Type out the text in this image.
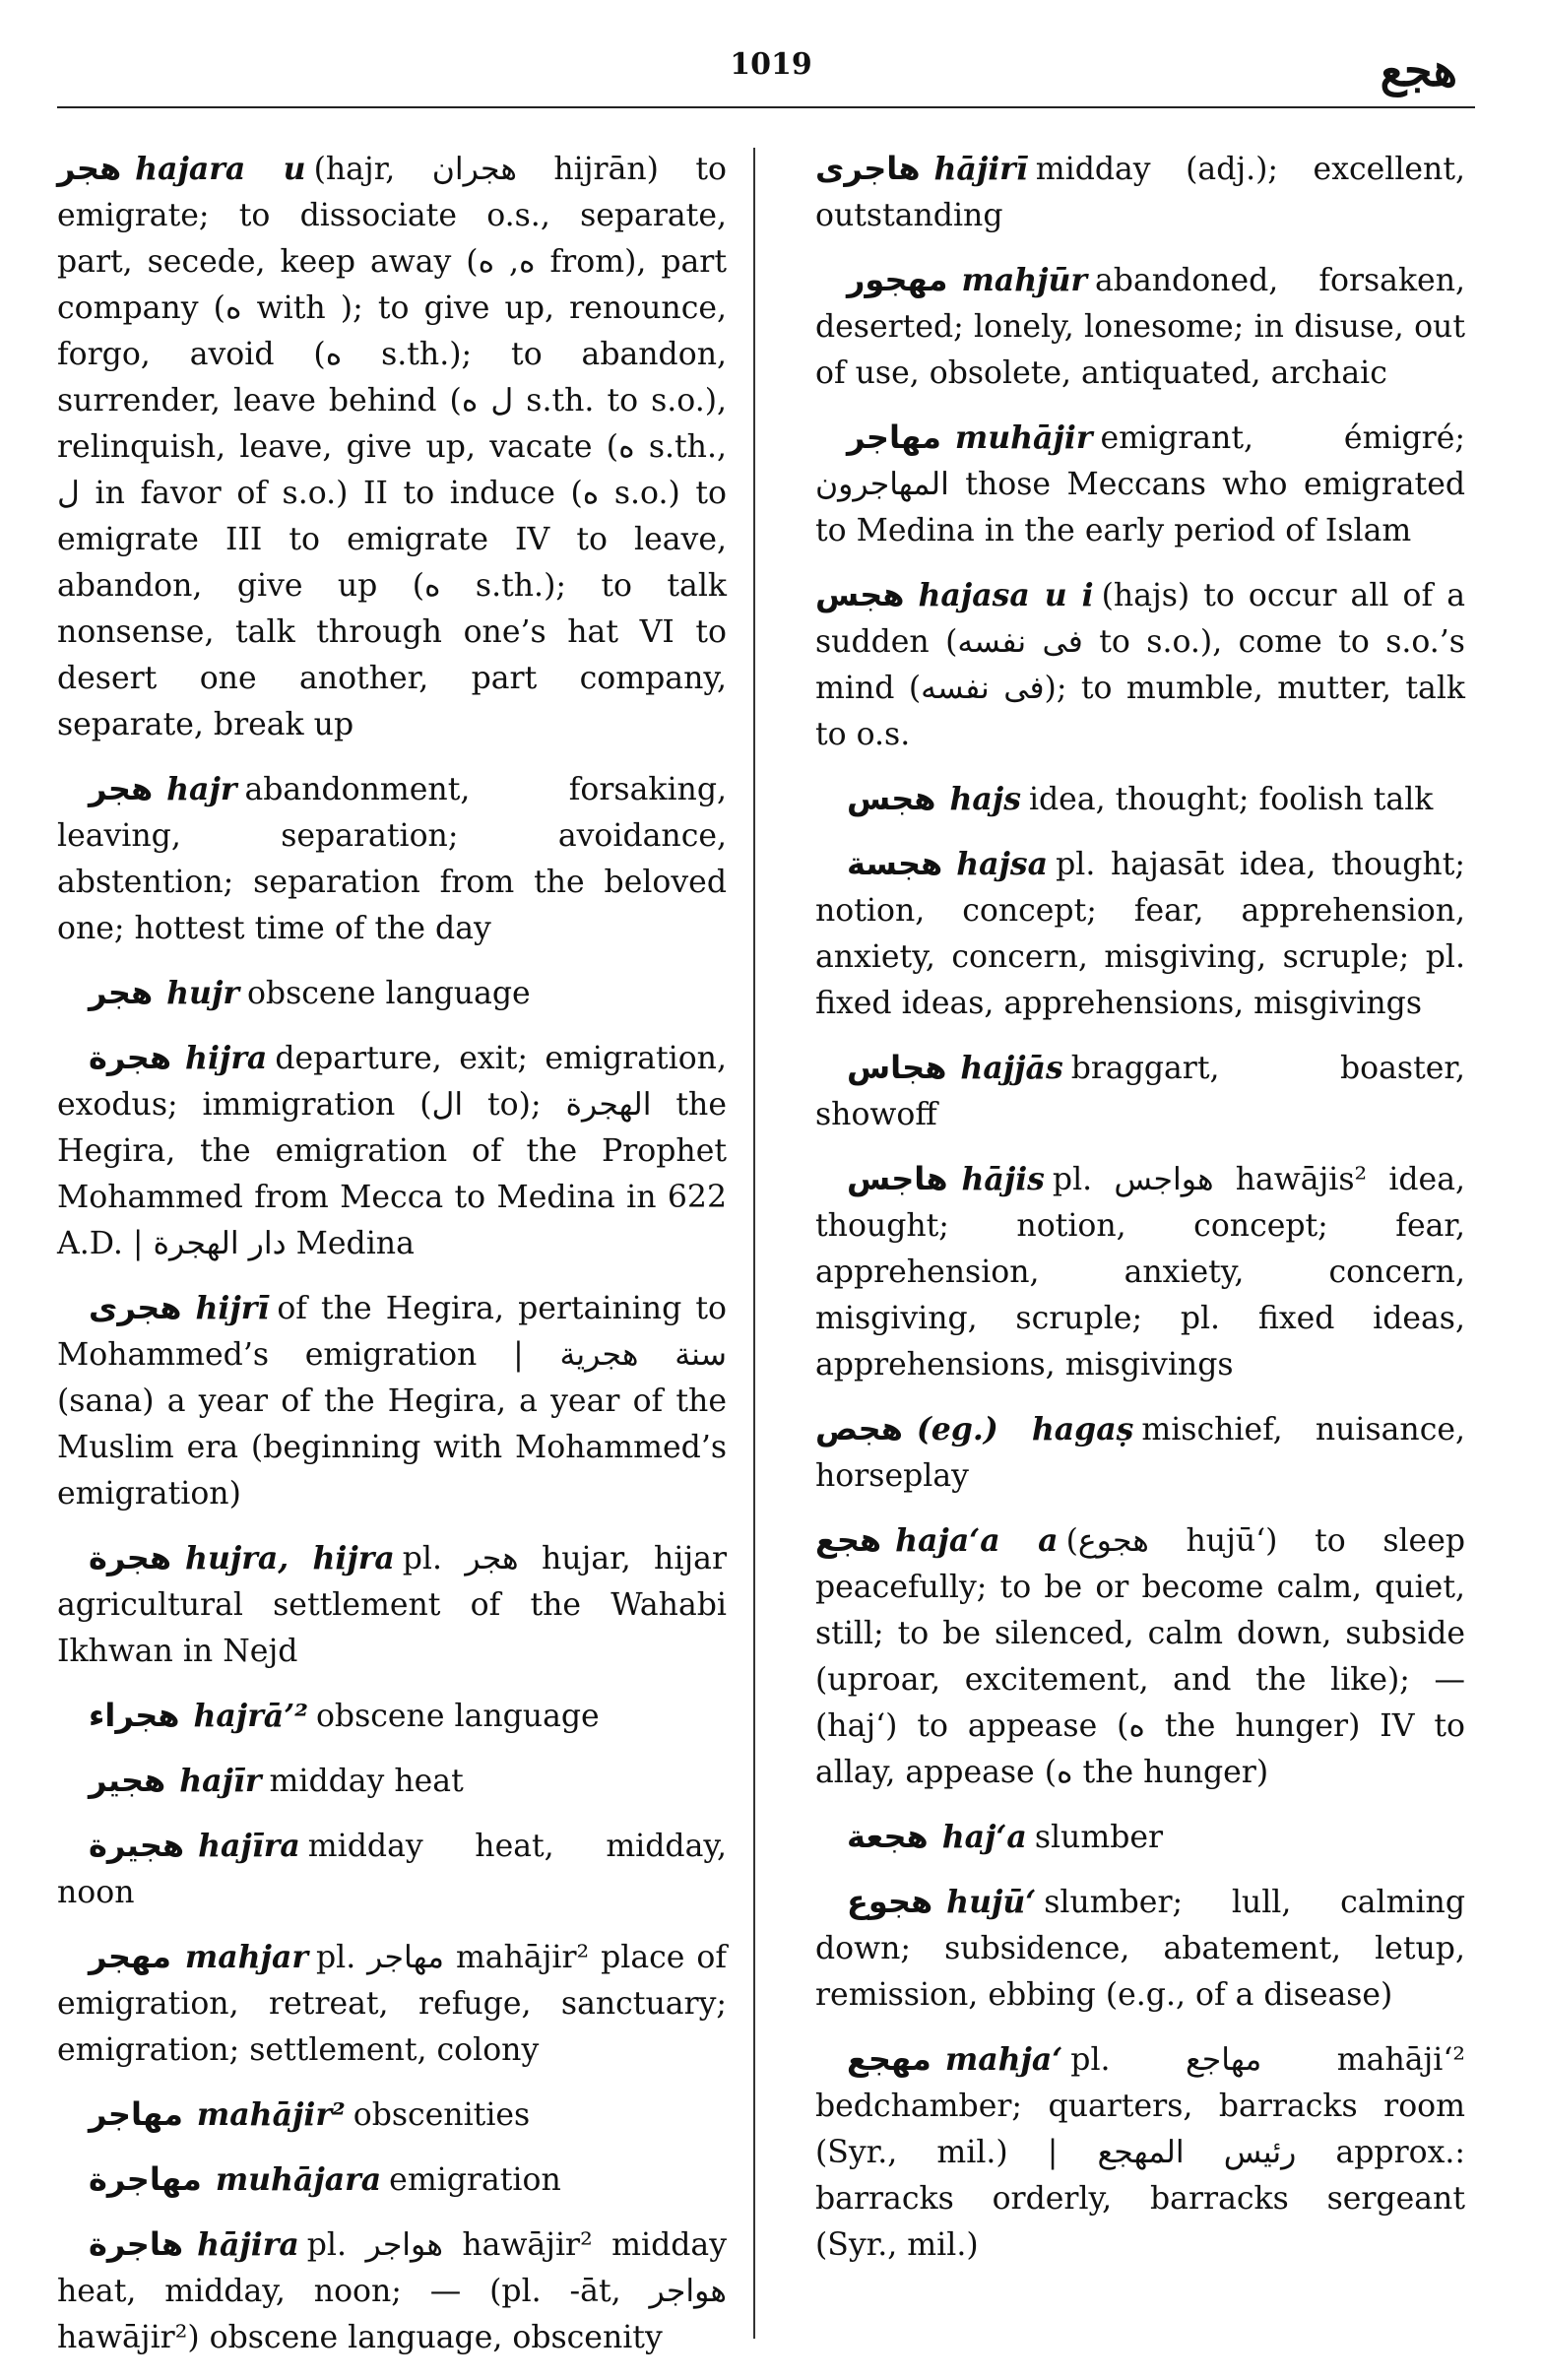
1019	هجع
هجر hajara u (hajr, هجران hijrān) to emigrate; to dissociate o.s., separate, part, secede, keep away (ه, ه from), part company (ه with ); to give up, renounce, forgo, avoid (ه s.th.); to abandon, surrender, leave behind (ل ه s.th. to s.o.), relinquish, leave, give up, vacate (ه s.th., ل in favor of s.o.) II to induce (ه s.o.) to emigrate III to emigrate IV to leave, abandon, give up (ه s.th.); to talk nonsense, talk through one’s hat VI to desert one another, part company, separate, break up
هجر hajr abandonment, forsaking, leaving, separation; avoidance, abstention; separation from the beloved one; hottest time of the day
هجر hujr obscene language
هجرة hijra departure, exit; emigration, exodus; immigration (ال to); الهجرة the Hegira, the emigration of the Prophet Mohammed from Mecca to Medina in 622 A.D. | دار الهجرة Medina
هجرى hijrī of the Hegira, pertaining to Mohammed’s emigration | سنة هجرية (sana) a year of the Hegira, a year of the Muslim era (beginning with Mohammed’s emigration)
هجرة hujra, hijra pl. هجر hujar, hijar agricultural settlement of the Wahabi Ikhwan in Nejd
هجراء hajrā’² obscene language
هجير hajīr midday heat
هجيرة hajīra midday heat, midday, noon
مهجر mahjar pl. مهاجر mahājir² place of emigration, retreat, refuge, sanctuary; emigration; settlement, colony
مهاجر mahājir² obscenities
مهاجرة muhājara emigration
هاجرة hājira pl. هواجر hawājir² midday heat, midday, noon; — (pl. -āt, هواجر hawājir²) obscene language, obscenity
هاجرى hājirī midday (adj.); excellent, outstanding
مهجور mahjūr abandoned, forsaken, deserted; lonely, lonesome; in disuse, out of use, obsolete, antiquated, archaic
مهاجر muhājir emigrant, émigré; المهاجرون those Meccans who emigrated to Medina in the early period of Islam
هجس hajasa u i (hajs) to occur all of a sudden (فى نفسه to s.o.), come to s.o.’s mind (فى نفسه); to mumble, mutter, talk to o.s.
هجس hajs idea, thought; foolish talk
هجسة hajsa pl. hajasāt idea, thought; notion, concept; fear, apprehension, anxiety, concern, misgiving, scruple; pl. fixed ideas, apprehensions, misgivings
هجاس hajjās braggart, boaster, showoff
هاجس hājis pl. هواجس hawājis² idea, thought; notion, concept; fear, apprehension, anxiety, concern, misgiving, scruple; pl. fixed ideas, apprehensions, misgivings
هجص (eg.) hagaṣ mischief, nuisance, horseplay
هجع haja‘a a (هجوع hujū‘) to sleep peacefully; to be or become calm, quiet, still; to be silenced, calm down, subside (uproar, excitement, and the like); — (haj‘) to appease (ه the hunger) IV to allay, appease (ه the hunger)
هجعة haj‘a slumber
هجوع hujū‘ slumber; lull, calming down; subsidence, abatement, letup, remission, ebbing (e.g., of a disease)
مهجع mahja‘ pl. مهاجع mahāji‘² bedchamber; quarters, barracks room (Syr., mil.) | رئيس المهجع approx.: barracks orderly, barracks sergeant (Syr., mil.)
